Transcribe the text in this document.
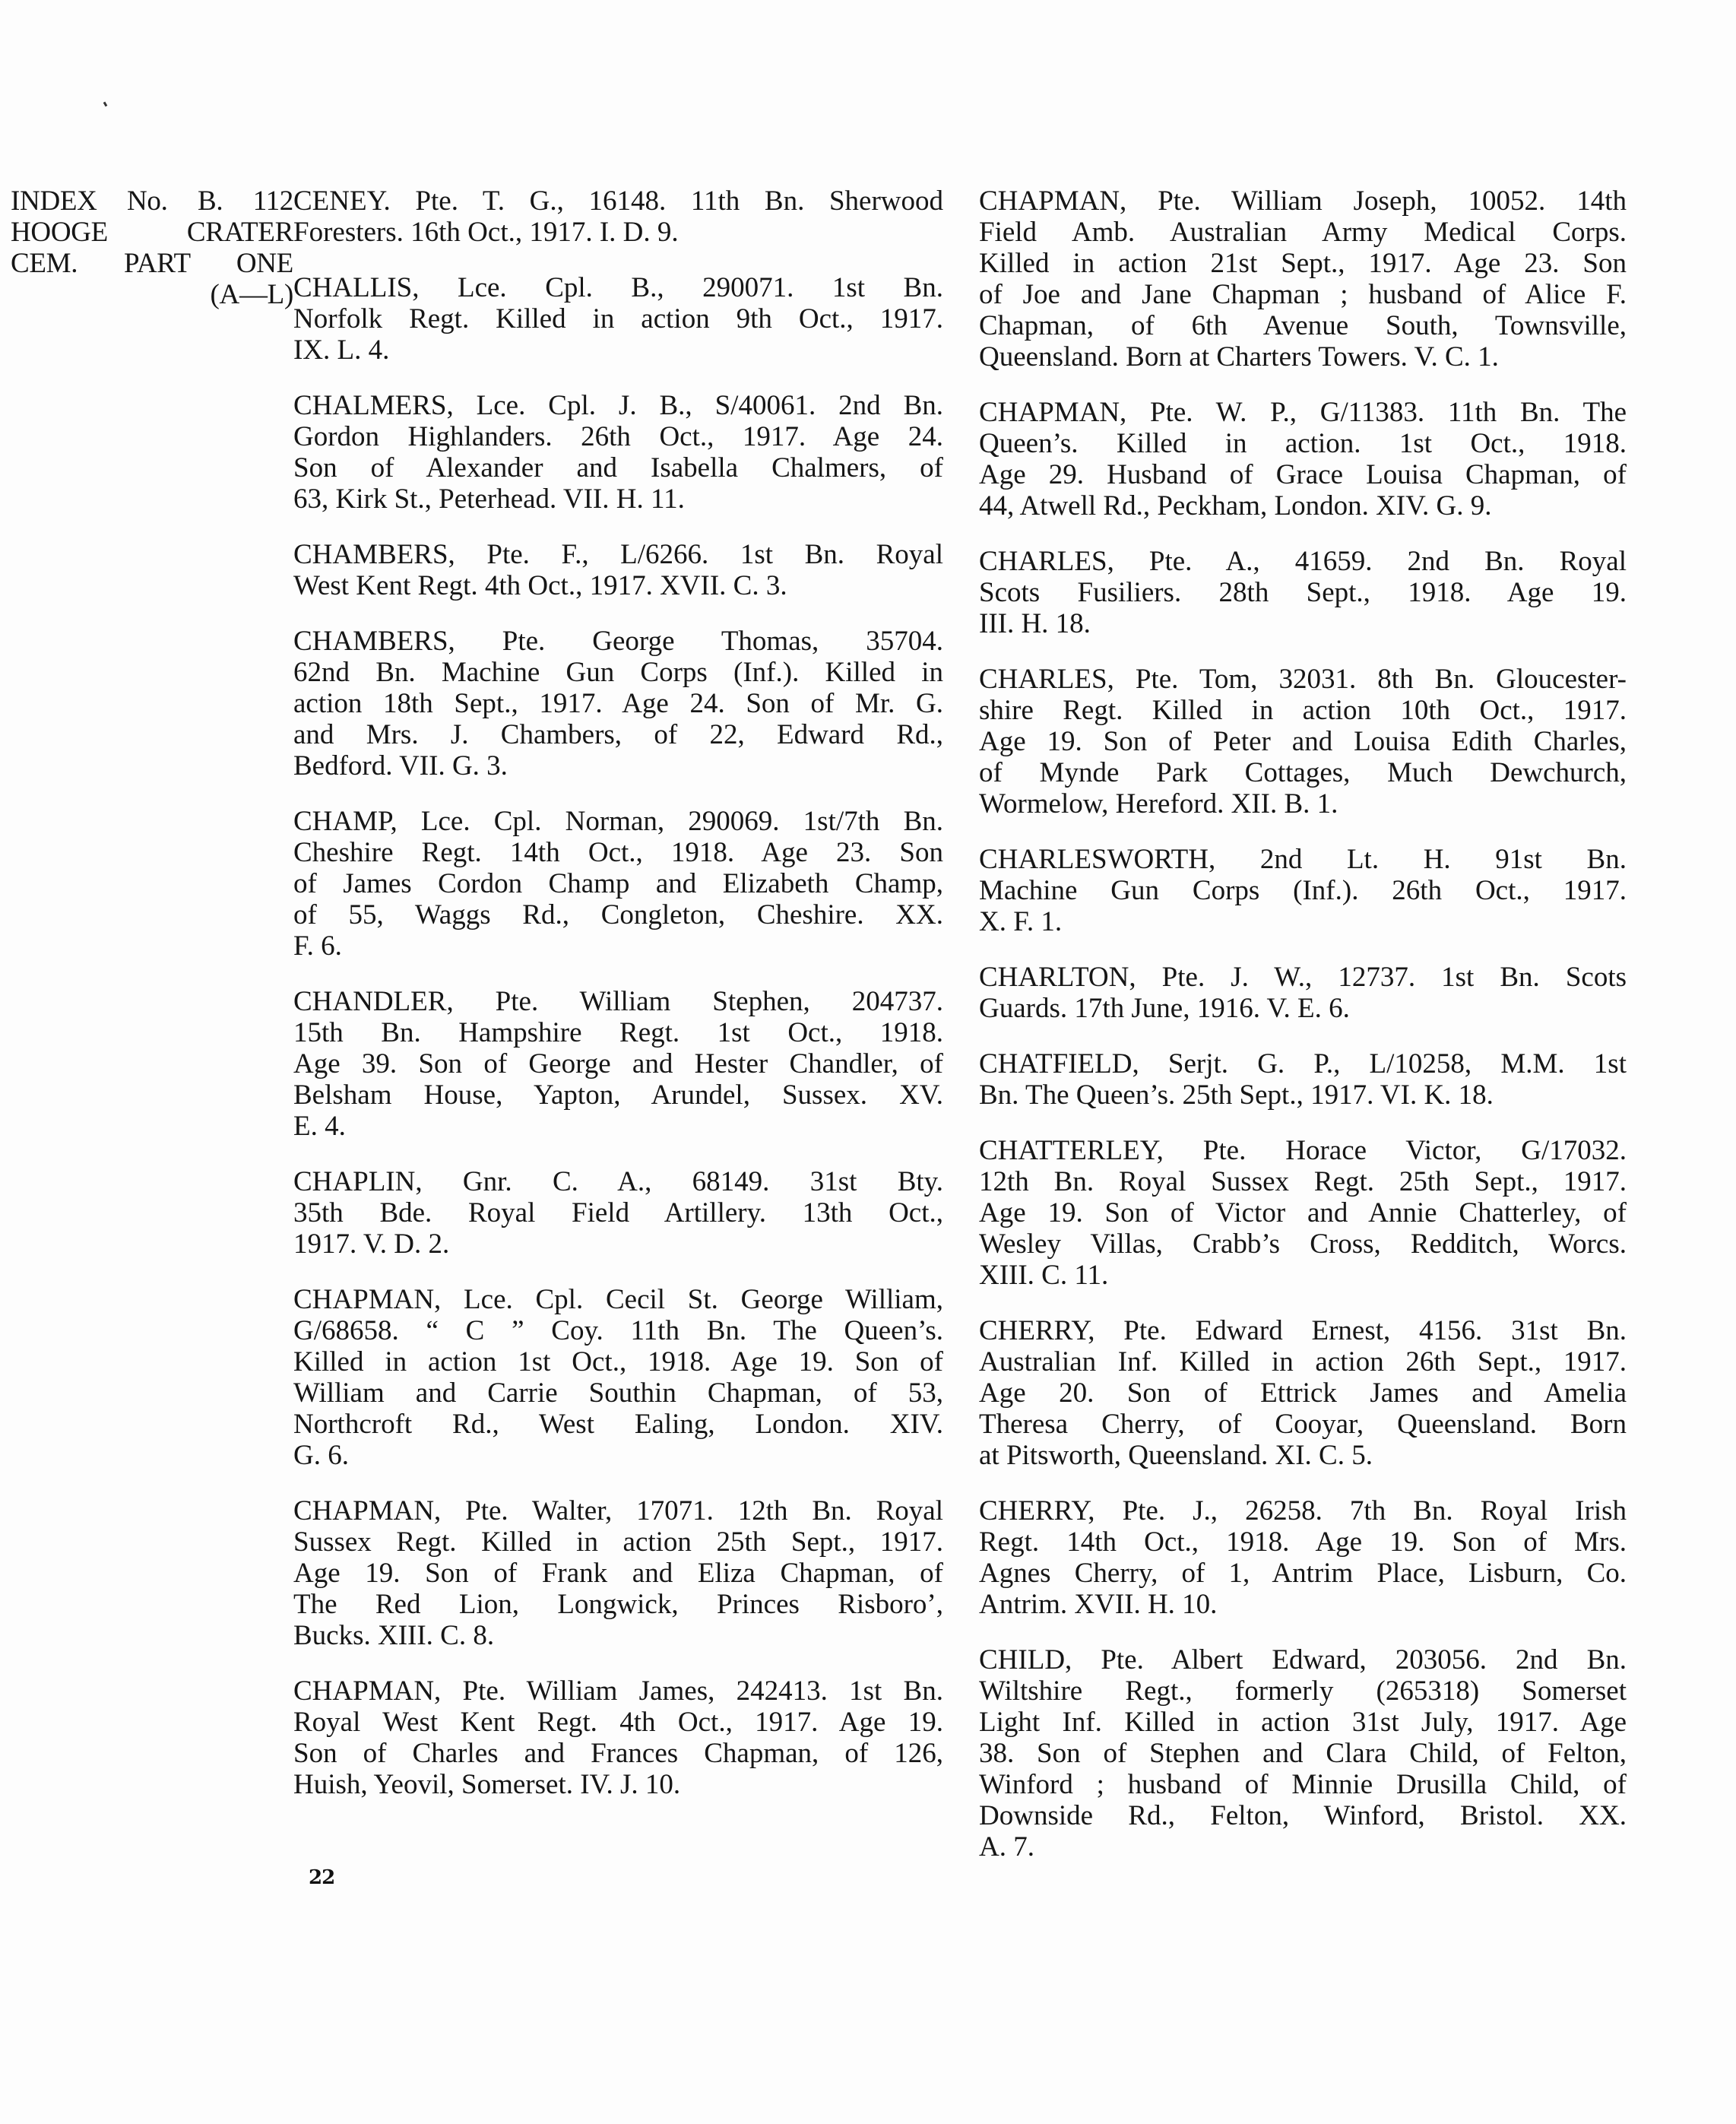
INDEX No. B. 112
HOOGE CRATER
CEM. PART ONE
(A—L)
CENEY. Pte. T. G., 16148. 11th Bn. Sherwood
Foresters. 16th Oct., 1917. I. D. 9.
CHALLIS, Lce. Cpl. B., 290071. 1st Bn.
Norfolk Regt. Killed in action 9th Oct., 1917.
IX. L. 4.
CHALMERS, Lce. Cpl. J. B., S/40061. 2nd Bn.
Gordon Highlanders. 26th Oct., 1917. Age 24.
Son of Alexander and Isabella Chalmers, of
63, Kirk St., Peterhead. VII. H. 11.
CHAMBERS, Pte. F., L/6266. 1st Bn. Royal
West Kent Regt. 4th Oct., 1917. XVII. C. 3.
CHAMBERS, Pte. George Thomas, 35704.
62nd Bn. Machine Gun Corps (Inf.). Killed in
action 18th Sept., 1917. Age 24. Son of Mr. G.
and Mrs. J. Chambers, of 22, Edward Rd.,
Bedford. VII. G. 3.
CHAMP, Lce. Cpl. Norman, 290069. 1st/7th Bn.
Cheshire Regt. 14th Oct., 1918. Age 23. Son
of James Cordon Champ and Elizabeth Champ,
of 55, Waggs Rd., Congleton, Cheshire. XX.
F. 6.
CHANDLER, Pte. William Stephen, 204737.
15th Bn. Hampshire Regt. 1st Oct., 1918.
Age 39. Son of George and Hester Chandler, of
Belsham House, Yapton, Arundel, Sussex. XV.
E. 4.
CHAPLIN, Gnr. C. A., 68149. 31st Bty.
35th Bde. Royal Field Artillery. 13th Oct.,
1917. V. D. 2.
CHAPMAN, Lce. Cpl. Cecil St. George William,
G/68658. “ C ” Coy. 11th Bn. The Queen’s.
Killed in action 1st Oct., 1918. Age 19. Son of
William and Carrie Southin Chapman, of 53,
Northcroft Rd., West Ealing, London. XIV.
G. 6.
CHAPMAN, Pte. Walter, 17071. 12th Bn. Royal
Sussex Regt. Killed in action 25th Sept., 1917.
Age 19. Son of Frank and Eliza Chapman, of
The Red Lion, Longwick, Princes Risboro’,
Bucks. XIII. C. 8.
CHAPMAN, Pte. William James, 242413. 1st Bn.
Royal West Kent Regt. 4th Oct., 1917. Age 19.
Son of Charles and Frances Chapman, of 126,
Huish, Yeovil, Somerset. IV. J. 10.
CHAPMAN, Pte. William Joseph, 10052. 14th
Field Amb. Australian Army Medical Corps.
Killed in action 21st Sept., 1917. Age 23. Son
of Joe and Jane Chapman ; husband of Alice F.
Chapman, of 6th Avenue South, Townsville,
Queensland. Born at Charters Towers. V. C. 1.
CHAPMAN, Pte. W. P., G/11383. 11th Bn. The
Queen’s. Killed in action. 1st Oct., 1918.
Age 29. Husband of Grace Louisa Chapman, of
44, Atwell Rd., Peckham, London. XIV. G. 9.
CHARLES, Pte. A., 41659. 2nd Bn. Royal
Scots Fusiliers. 28th Sept., 1918. Age 19.
III. H. 18.
CHARLES, Pte. Tom, 32031. 8th Bn. Gloucester-
shire Regt. Killed in action 10th Oct., 1917.
Age 19. Son of Peter and Louisa Edith Charles,
of Mynde Park Cottages, Much Dewchurch,
Wormelow, Hereford. XII. B. 1.
CHARLESWORTH, 2nd Lt. H. 91st Bn.
Machine Gun Corps (Inf.). 26th Oct., 1917.
X. F. 1.
CHARLTON, Pte. J. W., 12737. 1st Bn. Scots
Guards. 17th June, 1916. V. E. 6.
CHATFIELD, Serjt. G. P., L/10258, M.M. 1st
Bn. The Queen’s. 25th Sept., 1917. VI. K. 18.
CHATTERLEY, Pte. Horace Victor, G/17032.
12th Bn. Royal Sussex Regt. 25th Sept., 1917.
Age 19. Son of Victor and Annie Chatterley, of
Wesley Villas, Crabb’s Cross, Redditch, Worcs.
XIII. C. 11.
CHERRY, Pte. Edward Ernest, 4156. 31st Bn.
Australian Inf. Killed in action 26th Sept., 1917.
Age 20. Son of Ettrick James and Amelia
Theresa Cherry, of Cooyar, Queensland. Born
at Pitsworth, Queensland. XI. C. 5.
CHERRY, Pte. J., 26258. 7th Bn. Royal Irish
Regt. 14th Oct., 1918. Age 19. Son of Mrs.
Agnes Cherry, of 1, Antrim Place, Lisburn, Co.
Antrim. XVII. H. 10.
CHILD, Pte. Albert Edward, 203056. 2nd Bn.
Wiltshire Regt., formerly (265318) Somerset
Light Inf. Killed in action 31st July, 1917. Age
38. Son of Stephen and Clara Child, of Felton,
Winford ; husband of Minnie Drusilla Child, of
Downside Rd., Felton, Winford, Bristol. XX.
A. 7.
22
